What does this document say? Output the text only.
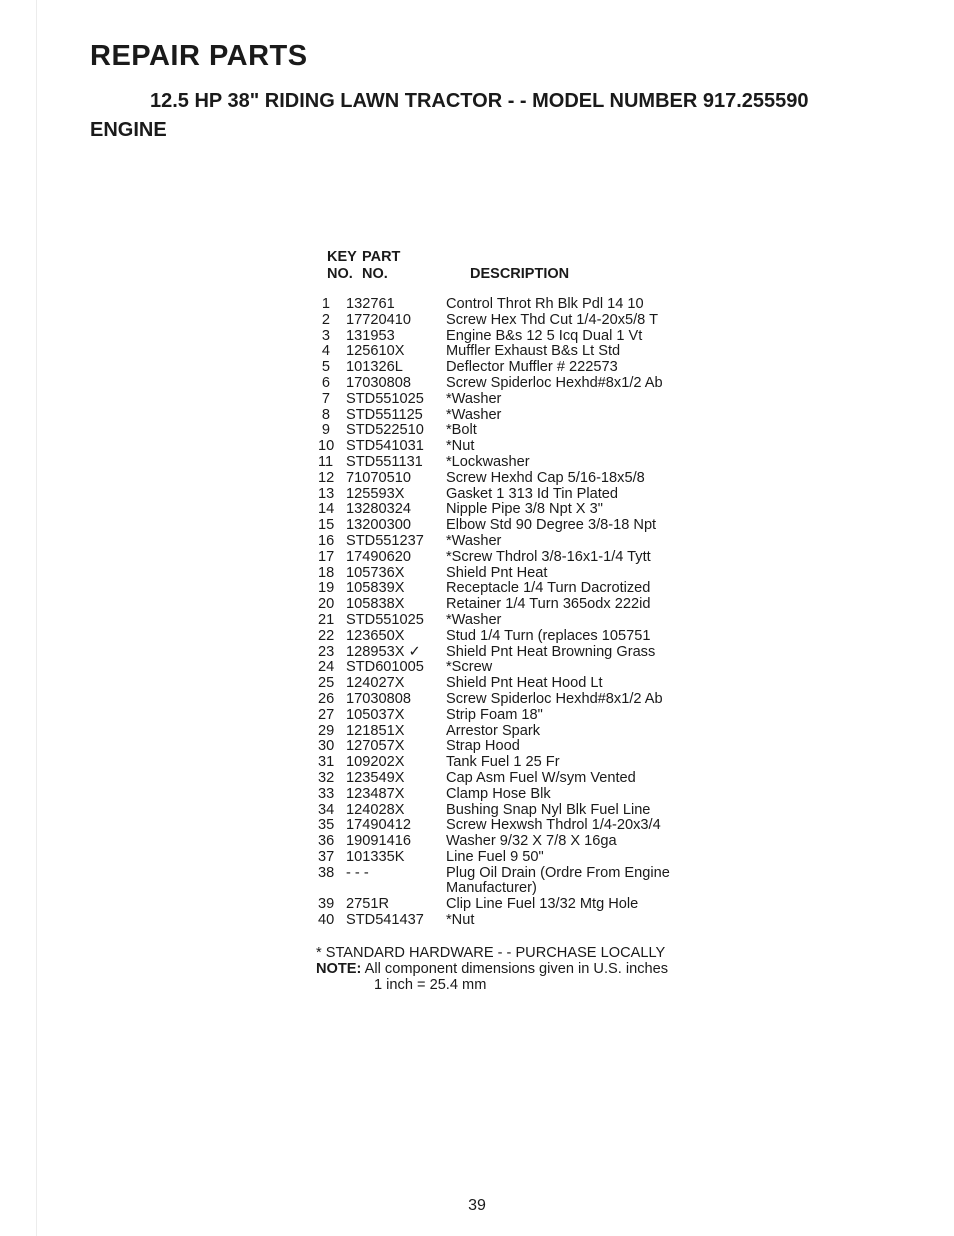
REPAIR PARTS
12.5 HP 38" RIDING LAWN TRACTOR - - MODEL NUMBER 917.255590
ENGINE
KEY PART
NO. NO.	DESCRIPTION
1	132761	Control Throt Rh Blk Pdl 14 10
2	17720410	Screw Hex Thd Cut 1/4-20x5/8 T
3	131953	Engine B&s 12 5 Icq Dual 1 Vt
4	125610X	Muffler Exhaust B&s Lt Std
5	101326L	Deflector Muffler # 222573
6	17030808	Screw Spiderloc Hexhd#8x1/2 Ab
7	STD551025	*Washer
8	STD551125	*Washer
9	STD522510	*Bolt
10 STD541031	*Nut
11 STD551131	*Lockwasher
12 71070510	Screw Hexhd Cap 5/16-18x5/8
13 125593X	Gasket 1 313 Id Tin Plated
14 13280324	Nipple Pipe 3/8 Npt X 3"
15 13200300	Elbow Std 90 Degree 3/8-18 Npt
16 STD551237	*Washer
17 17490620	*Screw Thdrol 3/8-16x1-1/4 Tytt
18 105736X	Shield Pnt Heat
19 105839X	Receptacle 1/4 Turn Dacrotized
20 105838X	Retainer 1/4 Turn 365odx 222id
21 STD551025	*Washer
22 123650X	Stud 1/4 Turn (replaces 105751
23 128953X ✓	Shield Pnt Heat Browning Grass
24 STD601005	*Screw
25 124027X	Shield Pnt Heat Hood Lt
26 17030808	Screw Spiderloc Hexhd#8x1/2 Ab
27 105037X	Strip Foam 18"
29 121851X	Arrestor Spark
30 127057X	Strap Hood
31 109202X	Tank Fuel 1 25 Fr
32 123549X	Cap Asm Fuel W/sym Vented
33 123487X	Clamp Hose Blk
34 124028X	Bushing Snap Nyl Blk Fuel Line
35 17490412	Screw Hexwsh Thdrol 1/4-20x3/4
36 19091416	Washer 9/32 X 7/8 X 16ga
37 101335K	Line Fuel 9 50"
38 - - -	Plug Oil Drain (Ordre From Engine Manufacturer)
39 2751R	Clip Line Fuel 13/32 Mtg Hole
40 STD541437	*Nut
* STANDARD HARDWARE - - PURCHASE LOCALLY
NOTE: All component dimensions given in U.S. inches
1 inch = 25.4 mm
39
